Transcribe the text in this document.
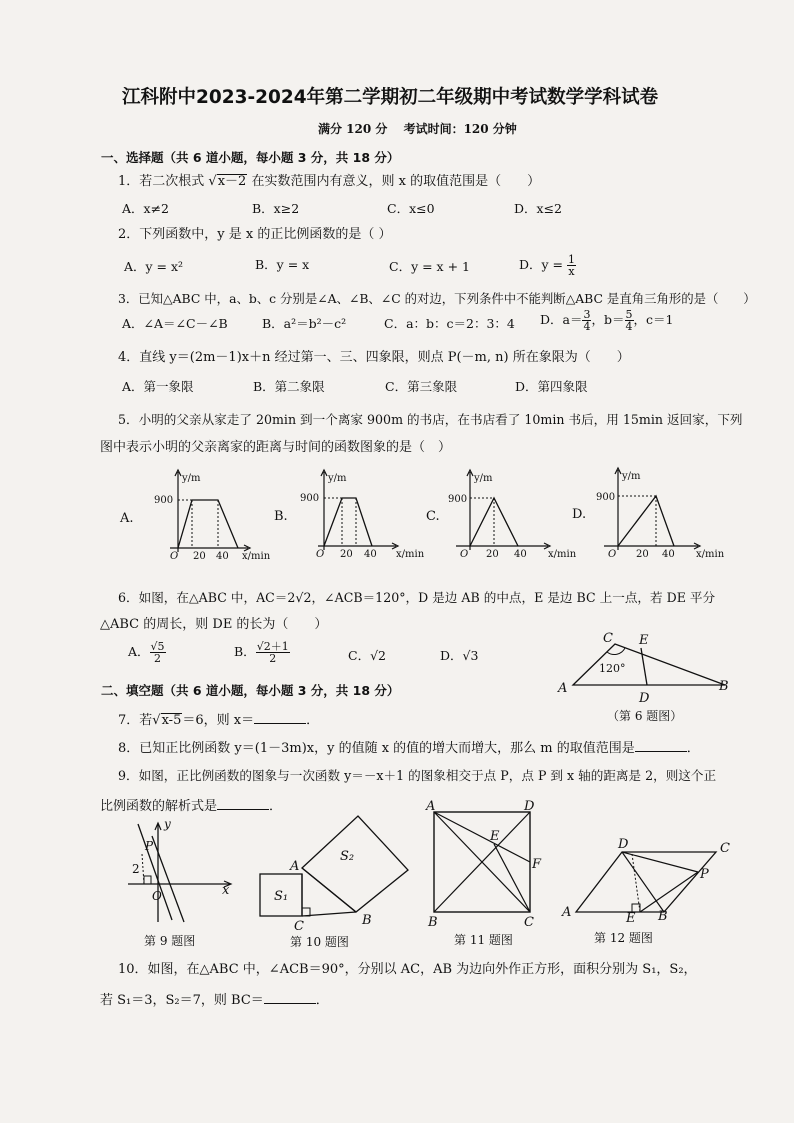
江科附中2023-2024年第二学期初二年级期中考试数学学科试卷
满分 120 分　 考试时间：120 分钟
一、选择题（共 6 道小题，每小题 3 分，共 18 分）
1．若二次根式 √x－2 在实数范围内有意义，则 x 的取值范围是（　　）
A．x≠2	B．x≥2	C．x≤0	D．x≤2
2．下列函数中，y 是 x 的正比例函数的是（ ）
A．y = x²	B．y = x	C．y = x + 1	D．$y = \frac{1}{x}$
3．已知△ABC 中，a、b、c 分别是∠A、∠B、∠C 的对边，下列条件中不能判断△ABC 是直角三角形的是（　　）
A．∠A＝∠C－∠B	B．a²＝b²－c²	C．a：b：c＝2：3：4 D．$a= \frac{3}{4}$ ，$b= \frac{5}{4}$ ，c＝1
4．直线 y＝(2m－1)x＋n 经过第一、三、四象限，则点 P(－m, n) 所在象限为（　　）
A．第一象限	B．第二象限	C．第三象限	D．第四象限
5．小明的父亲从家走了 20min 到一个离家 900m 的书店，在书店看了 10min 书后，用 15min 返回家，下列
图中表示小明的父亲离家的距离与时间的函数图象的是（　）
A.
y/m
900
O 20 40 x/min
B.
y/m
900
O 20 40 x/min
C.
y/m
900
O 20 40 x/min
D.
y/m
900
O 20 40 x/min
6．如图，在△ABC 中，AC＝2√2，∠ACB＝120°，D 是边 AB 的中点，E 是边 BC 上一点，若 DE 平分
△ABC 的周长，则 DE 的长为（　　）
A． $\frac{√5}{2}$	B． $\frac{√2+1}{2}$	C．√2	D．√3
C E
120°
A	B
D
（第 6 题图）
二、填空题（共 6 道小题，每小题 3 分，共 18 分）
7．若√x-5＝6，则 x＝	．
8．已知正比例函数 y＝(1－3m)x，y 的值随 x 的值的增大而增大，那么 m 的取值范围是	．
9．如图，正比例函数的图象与一次函数 y＝－x＋1 的图象相交于点 P，点 P 到 x 轴的距离是 2，则这个正
比例函数的解析式是	．
y
x
P
2
O
第 9 题图
S₂
S₁
A
C	B
第 10 题图
A	D
E
F
B	C
第 11 题图
D	C
P
A	E B
第 12 题图
10．如图，在△ABC 中，∠ACB＝90°，分别以 AC，AB 为边向外作正方形，面积分别为 S₁，S₂，
若 S₁＝3，S₂＝7，则 BC＝	．
